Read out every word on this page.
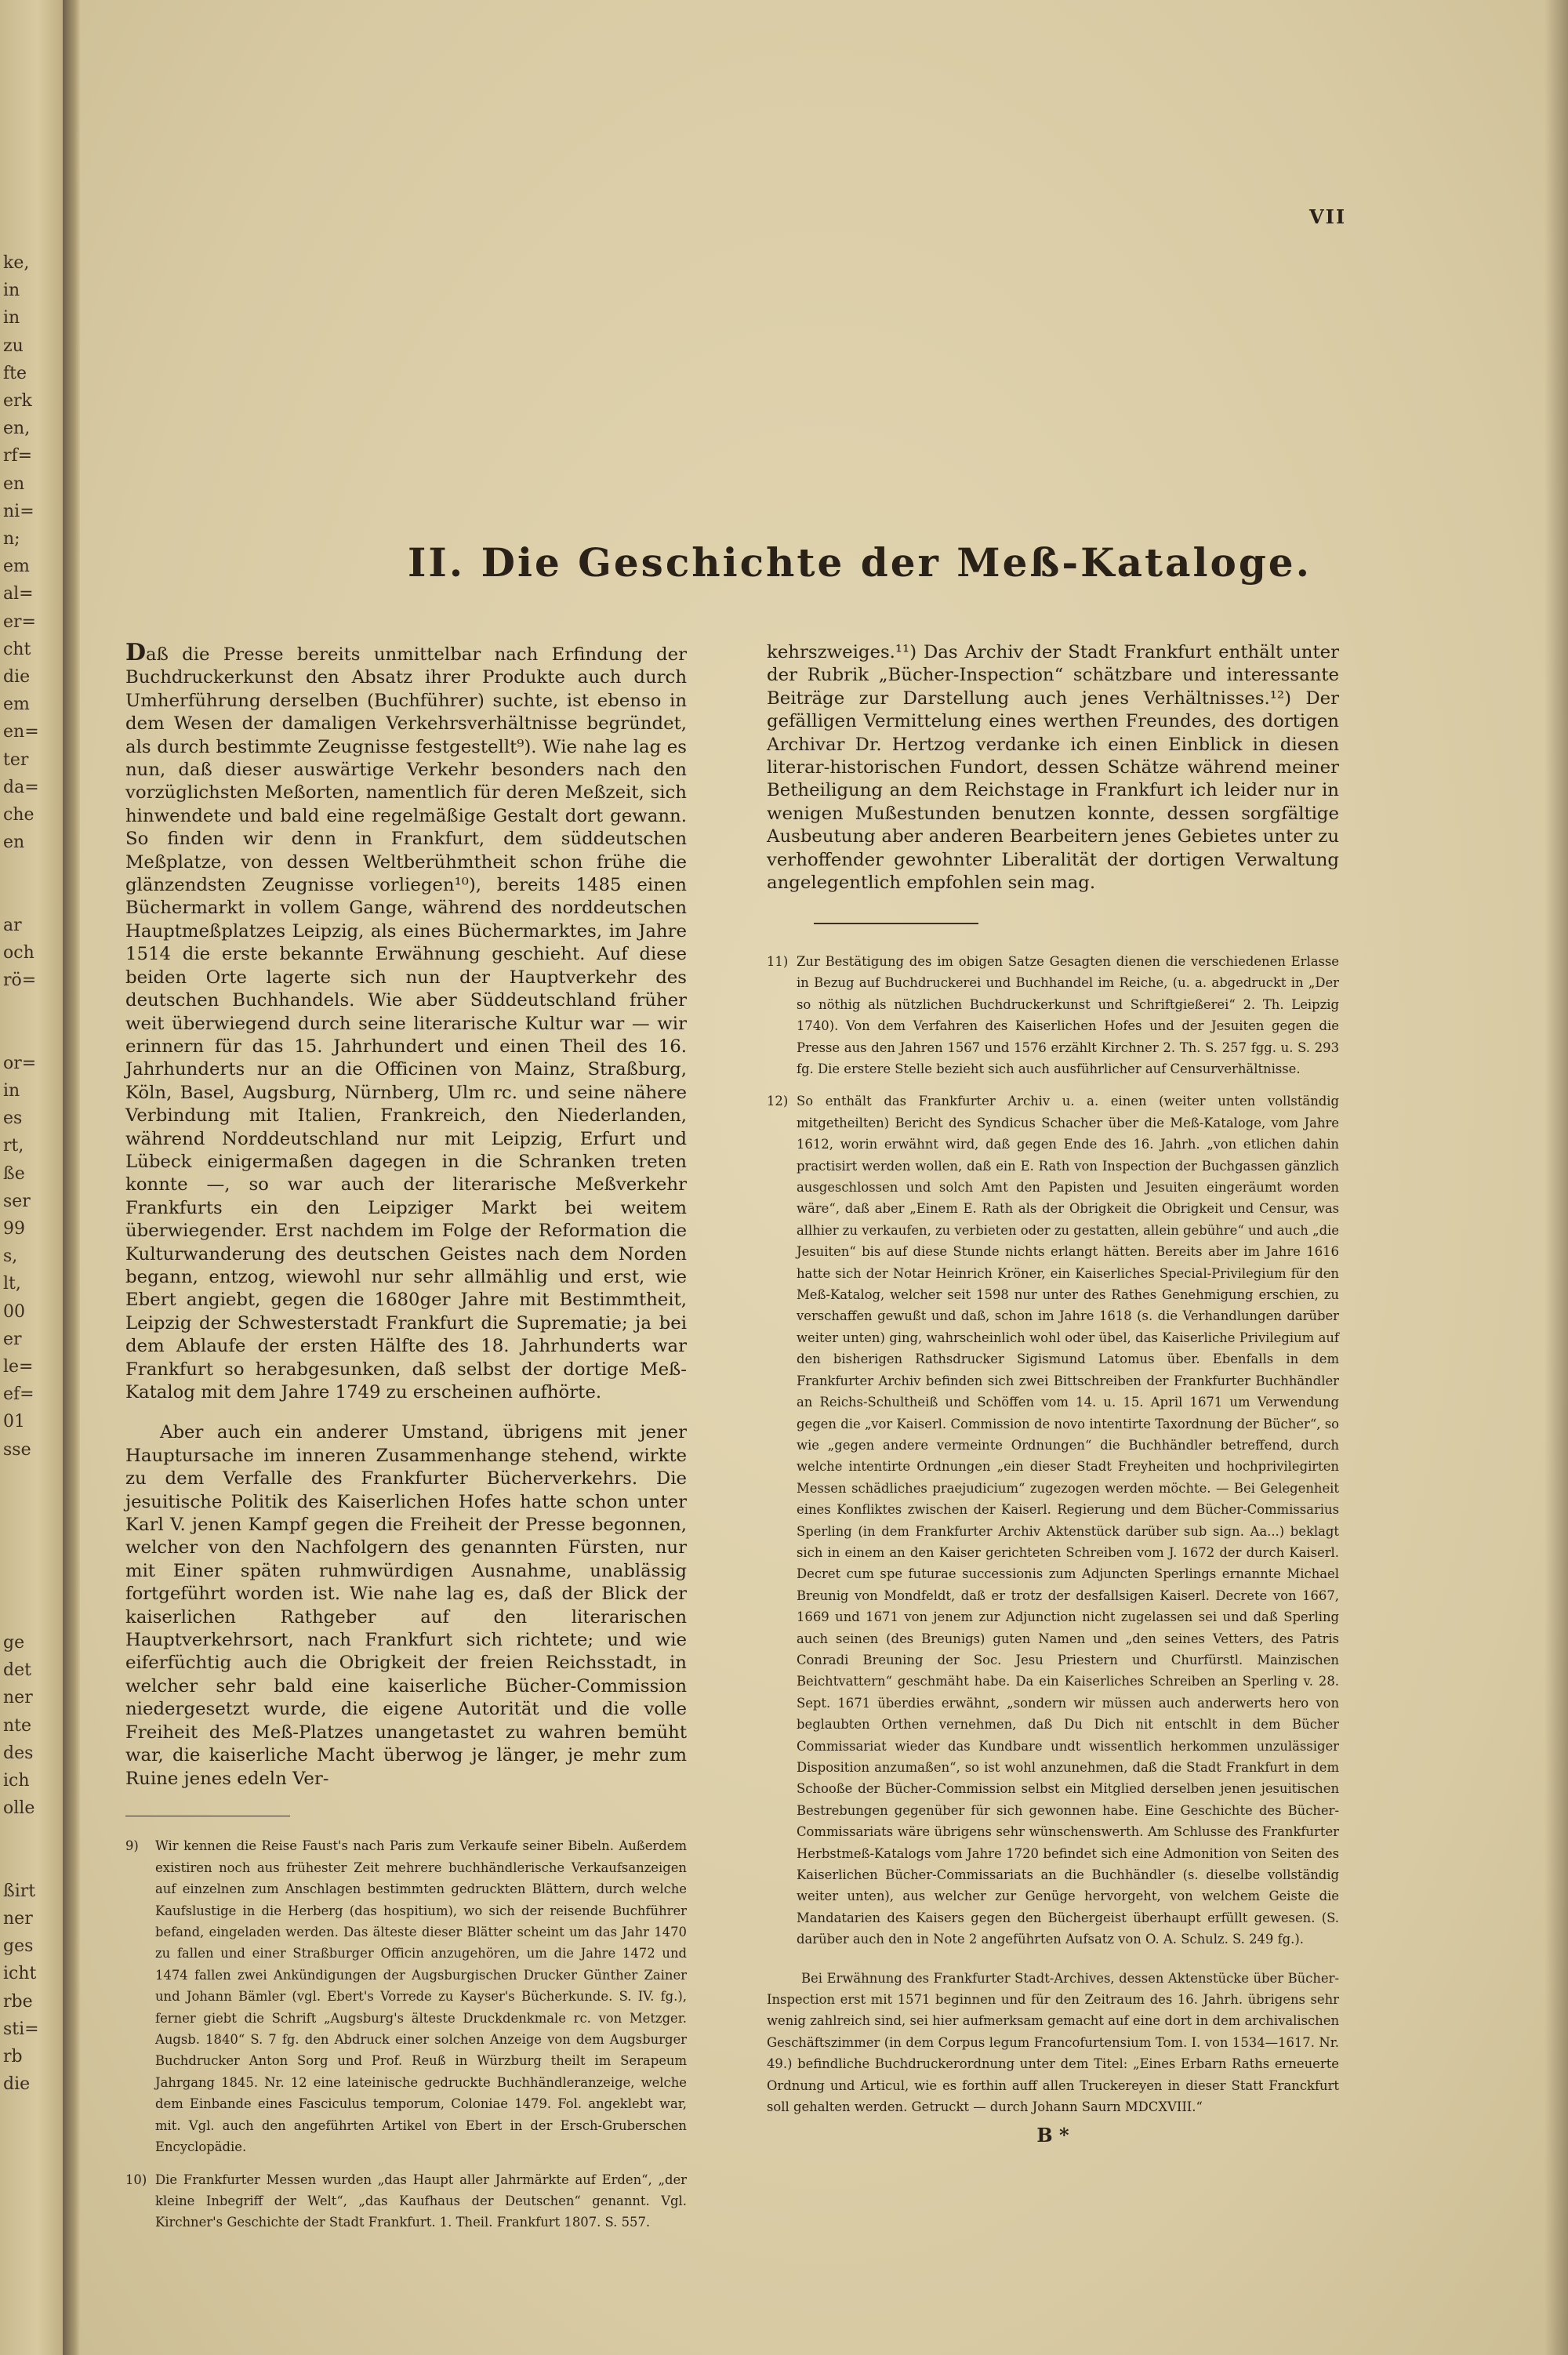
ke,
in
in
zu
fte
erk
en,
rf=
en
ni=
n;
em
al=
er=
cht
die
em
en=
ter
da=
che
en
ar
och
rö=
or=
in
es
rt,
ße
ser
99
s,
lt,
00
er
le=
ef=
01
sse
ge
det
ner
nte
des
ich
olle
ßirt
ner
ges
icht
rbe
sti=
rb
die
VII
II. Die Geschichte der Meß-Kataloge.

Daß die Presse bereits unmittelbar nach Erfindung der Buchdruckerkunst den Absatz ihrer Produkte auch durch Umherführung derselben (Buchführer) suchte, ist ebenso in dem Wesen der damaligen Verkehrsverhältnisse begründet, als durch bestimmte Zeugnisse festgestellt⁹). Wie nahe lag es nun, daß dieser auswärtige Verkehr besonders nach den vorzüglichsten Meßorten, namentlich für deren Meßzeit, sich hinwendete und bald eine regelmäßige Gestalt dort gewann. So finden wir denn in Frankfurt, dem süddeutschen Meßplatze, von dessen Weltberühmtheit schon frühe die glänzendsten Zeugnisse vorliegen¹⁰), bereits 1485 einen Büchermarkt in vollem Gange, während des norddeutschen Hauptmeßplatzes Leipzig, als eines Büchermarktes, im Jahre 1514 die erste bekannte Erwähnung geschieht. Auf diese beiden Orte lagerte sich nun der Hauptverkehr des deutschen Buchhandels. Wie aber Süddeutschland früher weit überwiegend durch seine literarische Kultur war — wir erinnern für das 15. Jahrhundert und einen Theil des 16. Jahrhunderts nur an die Officinen von Mainz, Straßburg, Köln, Basel, Augsburg, Nürnberg, Ulm rc. und seine nähere Verbindung mit Italien, Frankreich, den Niederlanden, während Norddeutschland nur mit Leipzig, Erfurt und Lübeck einigermaßen dagegen in die Schranken treten konnte —, so war auch der literarische Meßverkehr Frankfurts ein den Leipziger Markt bei weitem überwiegender. Erst nachdem im Folge der Reformation die Kulturwanderung des deutschen Geistes nach dem Norden begann, entzog, wiewohl nur sehr allmählig und erst, wie Ebert angiebt, gegen die 1680ger Jahre mit Bestimmtheit, Leipzig der Schwesterstadt Frankfurt die Suprematie; ja bei dem Ablaufe der ersten Hälfte des 18. Jahrhunderts war Frankfurt so herabgesunken, daß selbst der dortige Meß-Katalog mit dem Jahre 1749 zu erscheinen aufhörte.

Aber auch ein anderer Umstand, übrigens mit jener Hauptursache im inneren Zusammenhange stehend, wirkte zu dem Verfalle des Frankfurter Bücherverkehrs. Die jesuitische Politik des Kaiserlichen Hofes hatte schon unter Karl V. jenen Kampf gegen die Freiheit der Presse begonnen, welcher von den Nachfolgern des genannten Fürsten, nur mit Einer späten ruhmwürdigen Ausnahme, unablässig fortgeführt worden ist. Wie nahe lag es, daß der Blick der kaiserlichen Rathgeber auf den literarischen Hauptverkehrsort, nach Frankfurt sich richtete; und wie eiferfüchtig auch die Obrigkeit der freien Reichsstadt, in welcher sehr bald eine kaiserliche Bücher-Commission niedergesetzt wurde, die eigene Autorität und die volle Freiheit des Meß-Platzes unangetastet zu wahren bemüht war, die kaiserliche Macht überwog je länger, je mehr zum Ruine jenes edeln Ver-

9)	Wir kennen die Reise Faust's nach Paris zum Verkaufe seiner Bibeln. Außerdem existiren noch aus frühester Zeit mehrere buchhändlerische Verkaufsanzeigen auf einzelnen zum Anschlagen bestimmten gedruckten Blättern, durch welche Kaufslustige in die Herberg (das hospitium), wo sich der reisende Buchführer befand, eingeladen werden. Das älteste dieser Blätter scheint um das Jahr 1470 zu fallen und einer Straßburger Officin anzugehören, um die Jahre 1472 und 1474 fallen zwei Ankündigungen der Augsburgischen Drucker Günther Zainer und Johann Bämler (vgl. Ebert's Vorrede zu Kayser's Bücherkunde. S. IV. fg.), ferner giebt die Schrift „Augsburg's älteste Druckdenkmale rc. von Metzger. Augsb. 1840“ S. 7 fg. den Abdruck einer solchen Anzeige von dem Augsburger Buchdrucker Anton Sorg und Prof. Reuß in Würzburg theilt im Serapeum Jahrgang 1845. Nr. 12 eine lateinische gedruckte Buchhändleranzeige, welche dem Einbande eines Fasciculus temporum, Coloniae 1479. Fol. angeklebt war, mit. Vgl. auch den angeführten Artikel von Ebert in der Ersch-Gruberschen Encyclopädie.
10) Die Frankfurter Messen wurden „das Haupt aller Jahrmärkte auf Erden“, „der kleine Inbegriff der Welt“, „das Kaufhaus der Deutschen“ genannt. Vgl. Kirchner's Geschichte der Stadt Frankfurt. 1. Theil. Frankfurt 1807. S. 557.

kehrszweiges.¹¹) Das Archiv der Stadt Frankfurt enthält unter der Rubrik „Bücher-Inspection“ schätzbare und interessante Beiträge zur Darstellung auch jenes Verhältnisses.¹²) Der gefälligen Vermittelung eines werthen Freundes, des dortigen Archivar Dr. Hertzog verdanke ich einen Einblick in diesen literar-historischen Fundort, dessen Schätze während meiner Betheiligung an dem Reichstage in Frankfurt ich leider nur in wenigen Mußestunden benutzen konnte, dessen sorgfältige Ausbeutung aber anderen Bearbeitern jenes Gebietes unter zu verhoffender gewohnter Liberalität der dortigen Verwaltung angelegentlich empfohlen sein mag.

11) Zur Bestätigung des im obigen Satze Gesagten dienen die verschiedenen Erlasse in Bezug auf Buchdruckerei und Buchhandel im Reiche, (u. a. abgedruckt in „Der so nöthig als nützlichen Buchdruckerkunst und Schriftgießerei“ 2. Th. Leipzig 1740). Von dem Verfahren des Kaiserlichen Hofes und der Jesuiten gegen die Presse aus den Jahren 1567 und 1576 erzählt Kirchner 2. Th. S. 257 fgg. u. S. 293 fg. Die erstere Stelle bezieht sich auch ausführlicher auf Censurverhältnisse.
12) So enthält das Frankfurter Archiv u. a. einen (weiter unten vollständig mitgetheilten) Bericht des Syndicus Schacher über die Meß-Kataloge, vom Jahre 1612, worin erwähnt wird, daß gegen Ende des 16. Jahrh. „von etlichen dahin practisirt werden wollen, daß ein E. Rath von Inspection der Buchgassen gänzlich ausgeschlossen und solch Amt den Papisten und Jesuiten eingeräumt worden wäre“, daß aber „Einem E. Rath als der Obrigkeit die Obrigkeit und Censur, was allhier zu verkaufen, zu verbieten oder zu gestatten, allein gebühre“ und auch „die Jesuiten“ bis auf diese Stunde nichts erlangt hätten. Bereits aber im Jahre 1616 hatte sich der Notar Heinrich Kröner, ein Kaiserliches Special-Privilegium für den Meß-Katalog, welcher seit 1598 nur unter des Rathes Genehmigung erschien, zu verschaffen gewußt und daß, schon im Jahre 1618 (s. die Verhandlungen darüber weiter unten) ging, wahrscheinlich wohl oder übel, das Kaiserliche Privilegium auf den bisherigen Rathsdrucker Sigismund Latomus über. Ebenfalls in dem Frankfurter Archiv befinden sich zwei Bittschreiben der Frankfurter Buchhändler an Reichs-Schultheiß und Schöffen vom 14. u. 15. April 1671 um Verwendung gegen die „vor Kaiserl. Commission de novo intentirte Taxordnung der Bücher“, so wie „gegen andere vermeinte Ordnungen“ die Buchhändler betreffend, durch welche intentirte Ordnungen „ein dieser Stadt Freyheiten und hochprivilegirten Messen schädliches praejudicium“ zugezogen werden möchte. — Bei Gelegenheit eines Konfliktes zwischen der Kaiserl. Regierung und dem Bücher-Commissarius Sperling (in dem Frankfurter Archiv Aktenstück darüber sub sign. Aa...) beklagt sich in einem an den Kaiser gerichteten Schreiben vom J. 1672 der durch Kaiserl. Decret cum spe futurae successionis zum Adjuncten Sperlings ernannte Michael Breunig von Mondfeldt, daß er trotz der desfallsigen Kaiserl. Decrete von 1667, 1669 und 1671 von jenem zur Adjunction nicht zugelassen sei und daß Sperling auch seinen (des Breunigs) guten Namen und „den seines Vetters, des Patris Conradi Breuning der Soc. Jesu Priestern und Churfürstl. Mainzischen Beichtvattern“ geschmäht habe. Da ein Kaiserliches Schreiben an Sperling v. 28. Sept. 1671 überdies erwähnt, „sondern wir müssen auch anderwerts hero von beglaubten Orthen vernehmen, daß Du Dich nit entschlt in dem Bücher Commissariat wieder das Kundbare undt wissentlich herkommen unzulässiger Disposition anzumaßen“, so ist wohl anzunehmen, daß die Stadt Frankfurt in dem Schooße der Bücher-Commission selbst ein Mitglied derselben jenen jesuitischen Bestrebungen gegenüber für sich gewonnen habe. Eine Geschichte des Bücher-Commissariats wäre übrigens sehr wünschenswerth. Am Schlusse des Frankfurter Herbstmeß-Katalogs vom Jahre 1720 befindet sich eine Admonition von Seiten des Kaiserlichen Bücher-Commissariats an die Buchhändler (s. dieselbe vollständig weiter unten), aus welcher zur Genüge hervorgeht, von welchem Geiste die Mandatarien des Kaisers gegen den Büchergeist überhaupt erfüllt gewesen. (S. darüber auch den in Note 2 angeführten Aufsatz von O. A. Schulz. S. 249 fg.).

Bei Erwähnung des Frankfurter Stadt-Archives, dessen Aktenstücke über Bücher-Inspection erst mit 1571 beginnen und für den Zeitraum des 16. Jahrh. übrigens sehr wenig zahlreich sind, sei hier aufmerksam gemacht auf eine dort in dem archivalischen Geschäftszimmer (in dem Corpus legum Francofurtensium Tom. I. von 1534—1617. Nr. 49.) befindliche Buchdruckerordnung unter dem Titel: „Eines Erbarn Raths erneuerte Ordnung und Articul, wie es forthin auff allen Truckereyen in dieser Statt Franckfurt soll gehalten werden. Getruckt — durch Johann Saurn MDCXVIII.“

B *
